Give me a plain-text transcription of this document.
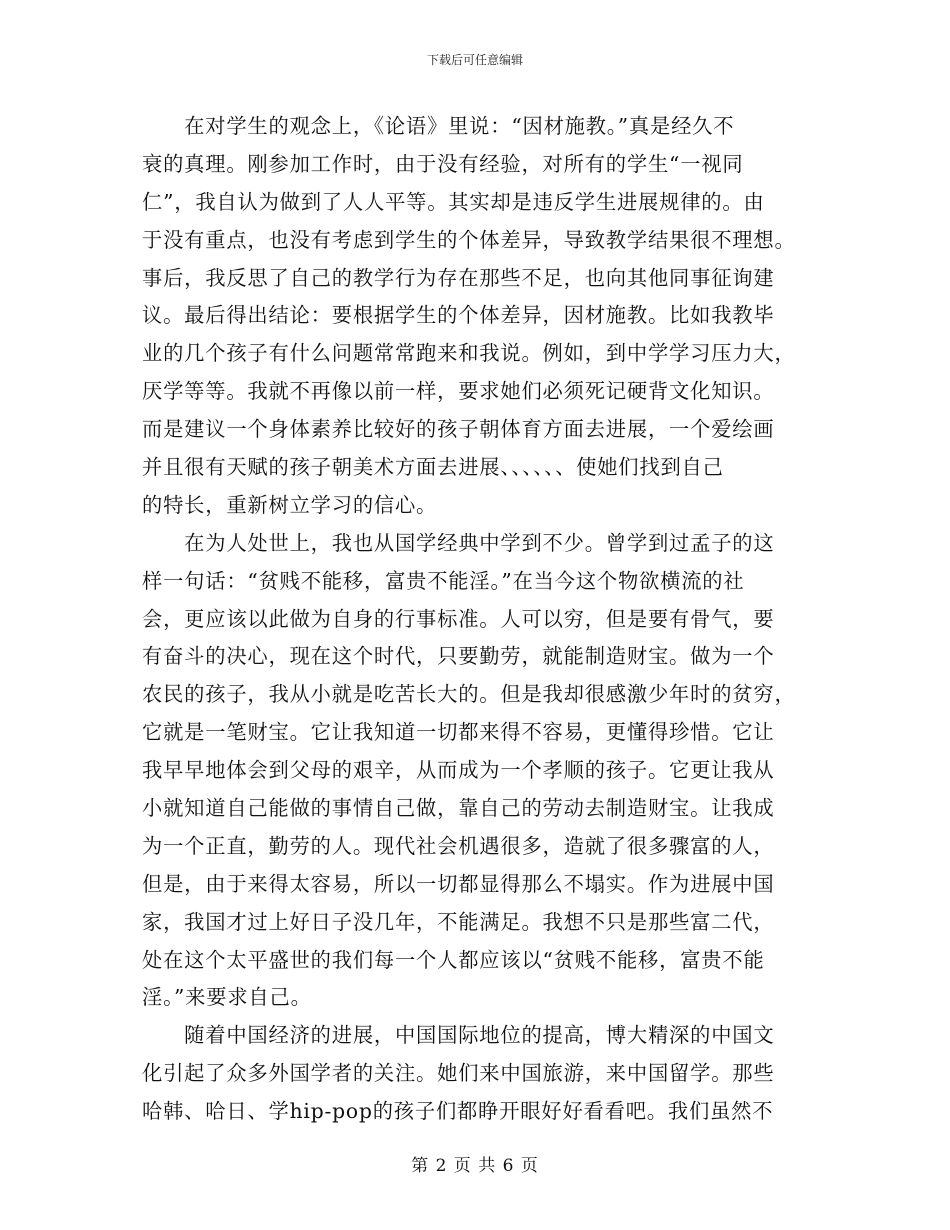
下载后可任意编辑
　　在对学生的观念上，《论语》里说：“因材施教。”真是经久不
衰的真理。刚参加工作时，由于没有经验，对所有的学生“一视同
仁”，我自认为做到了人人平等。其实却是违反学生进展规律的。由
于没有重点，也没有考虑到学生的个体差异，导致教学结果很不理想。
事后，我反思了自己的教学行为存在那些不足，也向其他同事征询建
议。最后得出结论：要根据学生的个体差异，因材施教。比如我教毕
业的几个孩子有什么问题常常跑来和我说。例如，到中学学习压力大，
厌学等等。我就不再像以前一样，要求她们必须死记硬背文化知识。
而是建议一个身体素养比较好的孩子朝体育方面去进展，一个爱绘画
并且很有天赋的孩子朝美术方面去进展、、、、、、使她们找到自己
的特长，重新树立学习的信心。
　　在为人处世上，我也从国学经典中学到不少。曾学到过孟子的这
样一句话：“贫贱不能移，富贵不能淫。”在当今这个物欲横流的社
会，更应该以此做为自身的行事标准。人可以穷，但是要有骨气，要
有奋斗的决心，现在这个时代，只要勤劳，就能制造财宝。做为一个
农民的孩子，我从小就是吃苦长大的。但是我却很感激少年时的贫穷，
它就是一笔财宝。它让我知道一切都来得不容易，更懂得珍惜。它让
我早早地体会到父母的艰辛，从而成为一个孝顺的孩子。它更让我从
小就知道自己能做的事情自己做，靠自己的劳动去制造财宝。让我成
为一个正直，勤劳的人。现代社会机遇很多，造就了很多骤富的人，
但是，由于来得太容易，所以一切都显得那么不塌实。作为进展中国
家，我国才过上好日子没几年，不能满足。我想不只是那些富二代，
处在这个太平盛世的我们每一个人都应该以“贫贱不能移，富贵不能
淫。”来要求自己。
　　随着中国经济的进展，中国国际地位的提高，博大精深的中国文
化引起了众多外国学者的关注。她们来中国旅游，来中国留学。那些
哈韩、哈日、学hip-pop的孩子们都睁开眼好好看看吧。我们虽然不
第 2 页 共 6 页
